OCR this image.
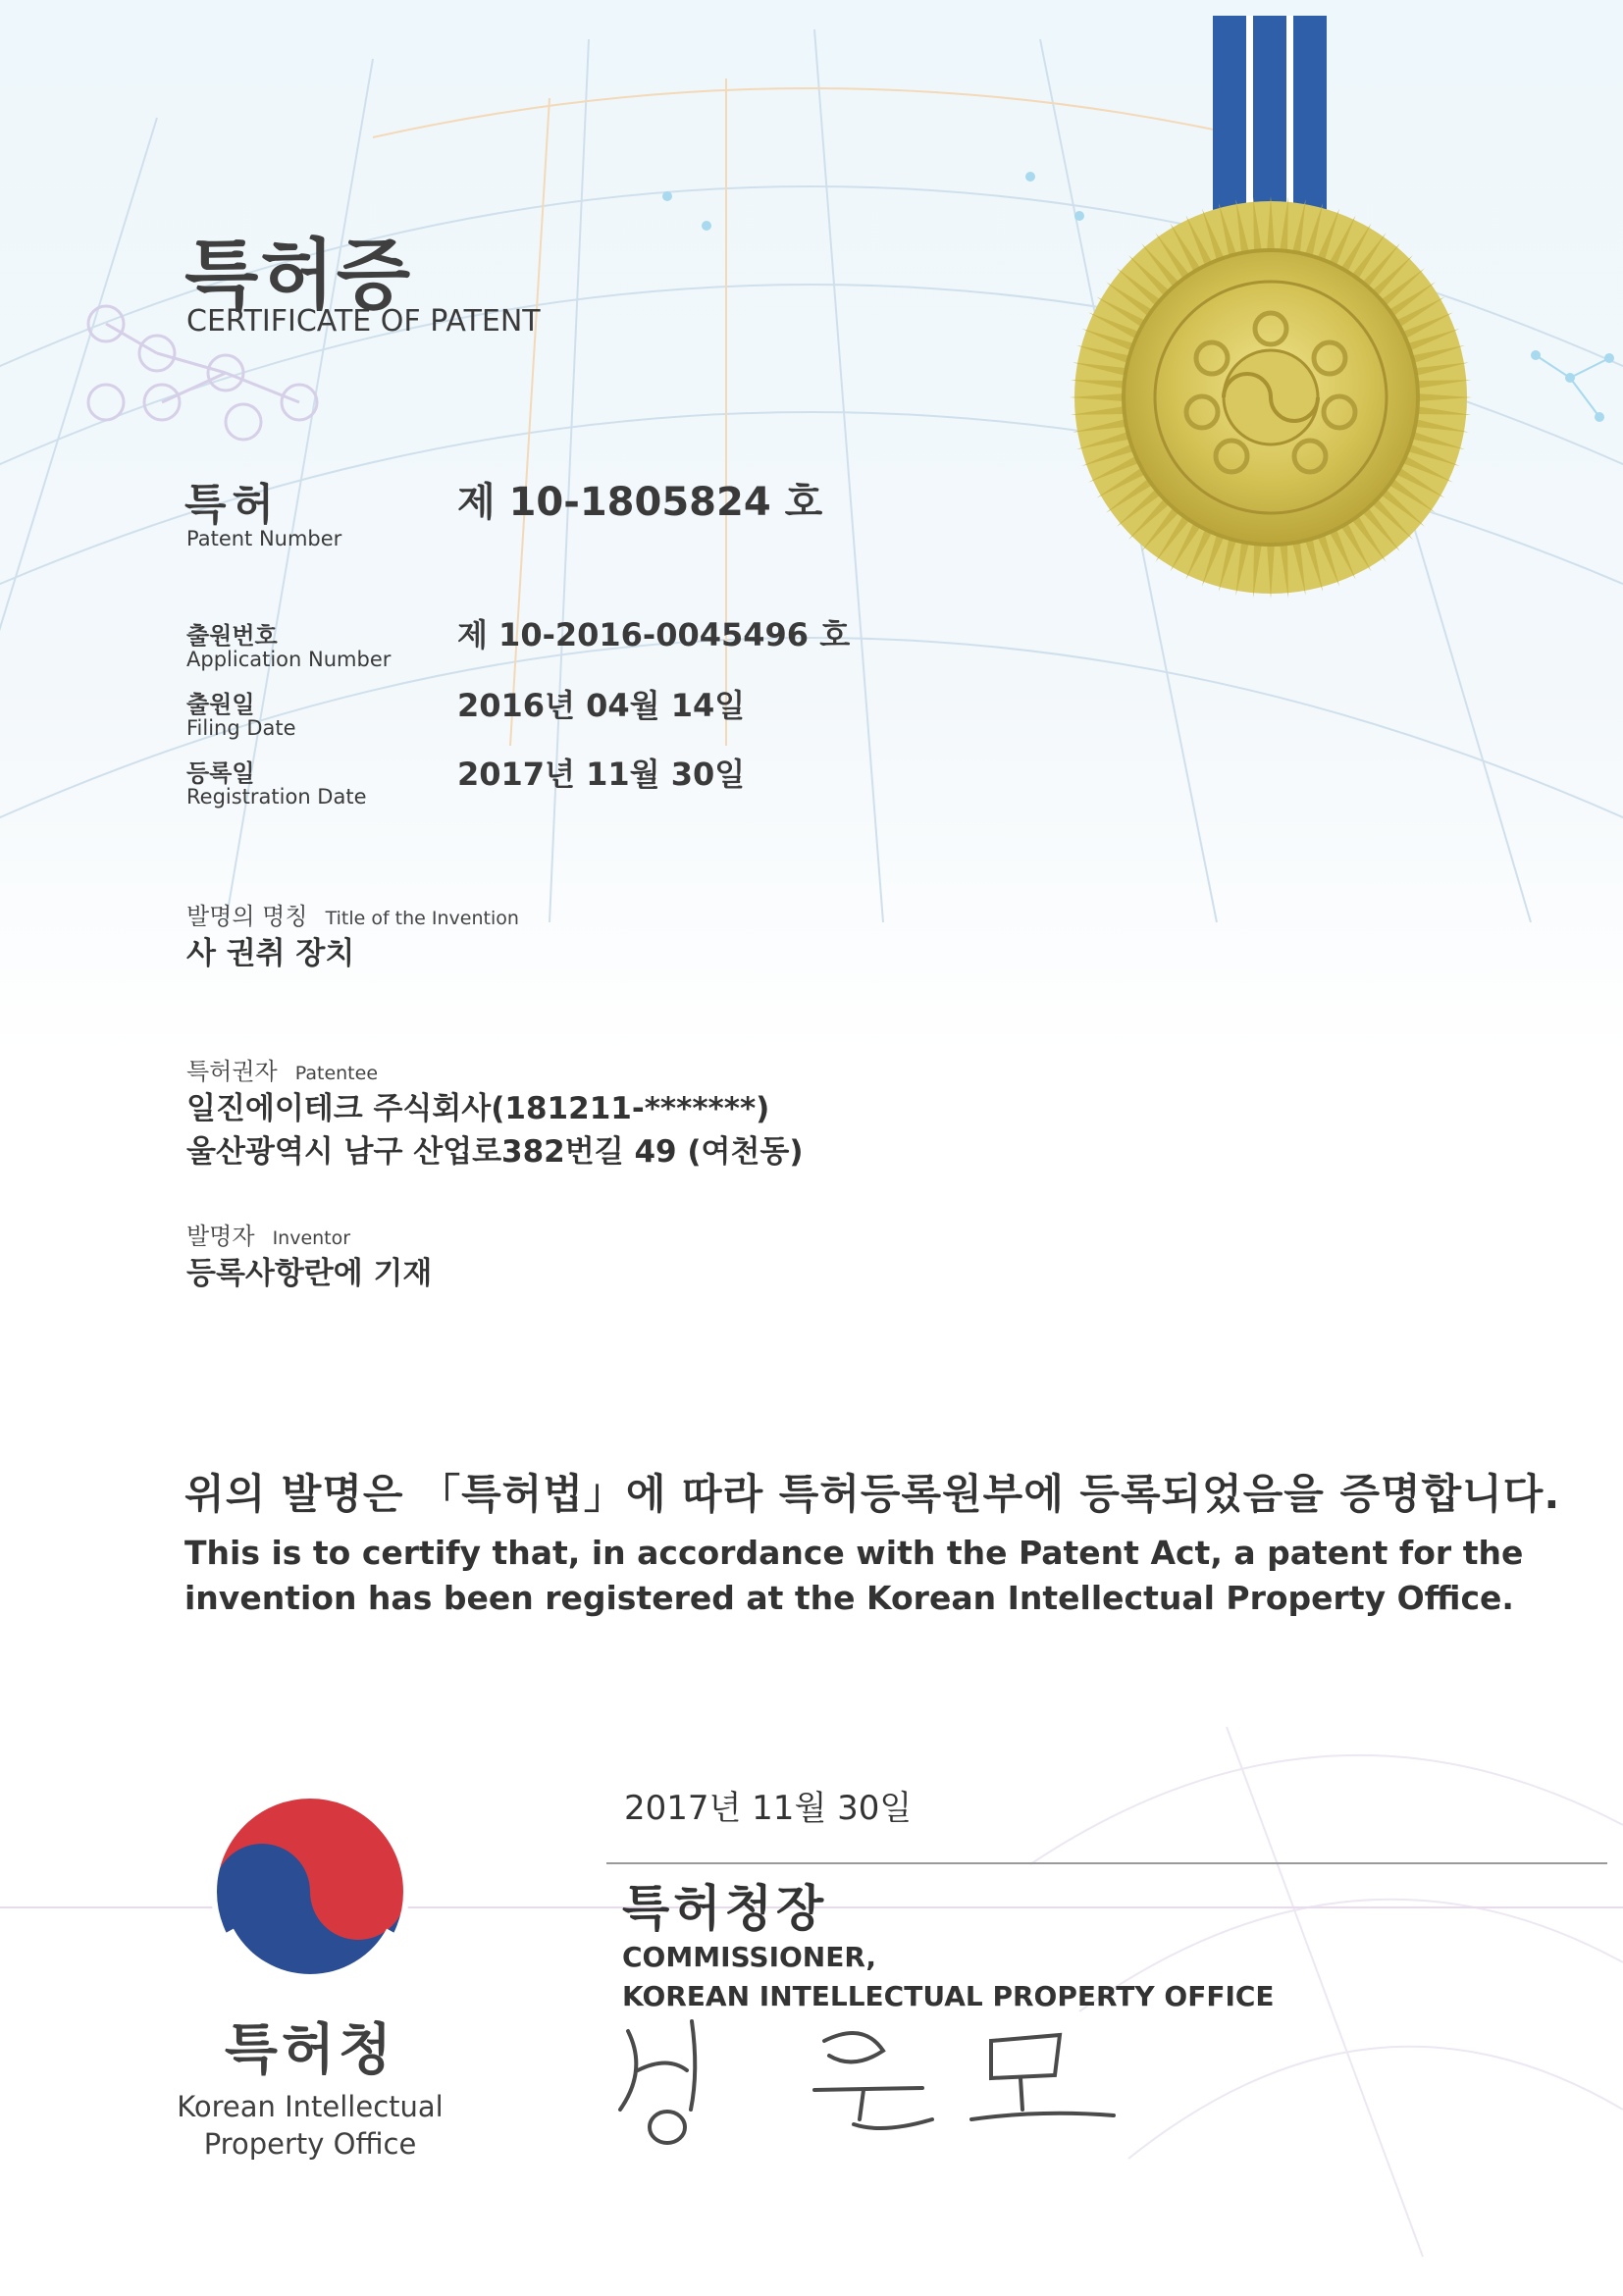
특허증
CERTIFICATE OF PATENT
특허
Patent Number
제 10-1805824 호
출원번호
Application Number
제 10-2016-0045496 호
출원일
Filing Date
2016년 04월 14일
등록일
Registration Date
2017년 11월 30일
발명의 명칭 Title of the Invention
사 권취 장치
특허권자 Patentee
일진에이테크 주식회사(181211-*******)
울산광역시 남구 산업로382번길 49 (여천동)
발명자 Inventor
등록사항란에 기재
위의 발명은 「특허법」에 따라 특허등록원부에 등록되었음을 증명합니다.
This is to certify that, in accordance with the Patent Act, a patent for the invention has been registered at the Korean Intellectual Property Office.
2017년 11월 30일
특허청장
COMMISSIONER,
KOREAN INTELLECTUAL PROPERTY OFFICE
특허청
Korean Intellectual Property Office
